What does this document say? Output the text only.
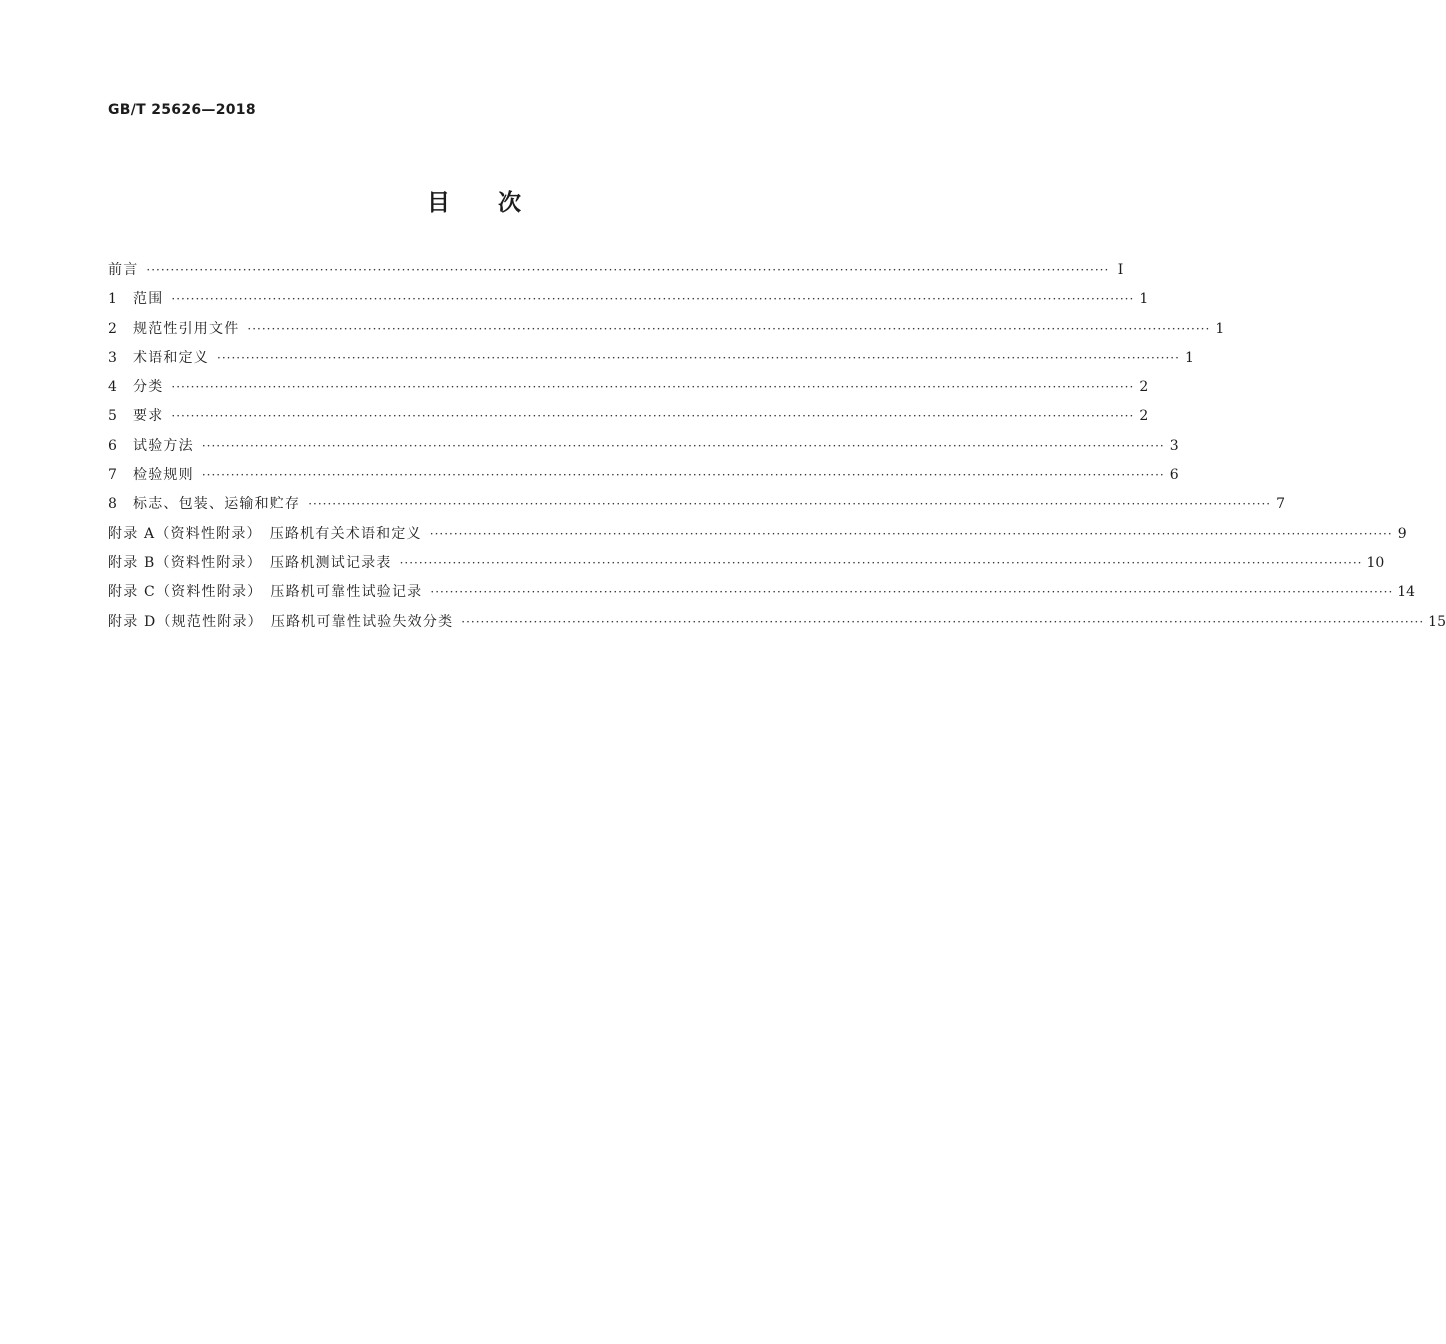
GB/T 25626—2018
目 次
前言 ········································································································································································································ Ⅰ
1	范围 ········································································································································································································ 1
2	规范性引用文件 ········································································································································································································ 1
3	术语和定义 ········································································································································································································ 1
4	分类 ········································································································································································································ 2
5	要求 ········································································································································································································ 2
6	试验方法 ········································································································································································································ 3
7	检验规则 ········································································································································································································ 6
8	标志、包装、运输和贮存 ········································································································································································································ 7
附录 A（资料性附录） 压路机有关术语和定义 ········································································································································································································ 9
附录 B（资料性附录） 压路机测试记录表 ········································································································································································································ 10
附录 C（资料性附录） 压路机可靠性试验记录 ········································································································································································································ 14
附录 D（规范性附录） 压路机可靠性试验失效分类 ········································································································································································································ 15
